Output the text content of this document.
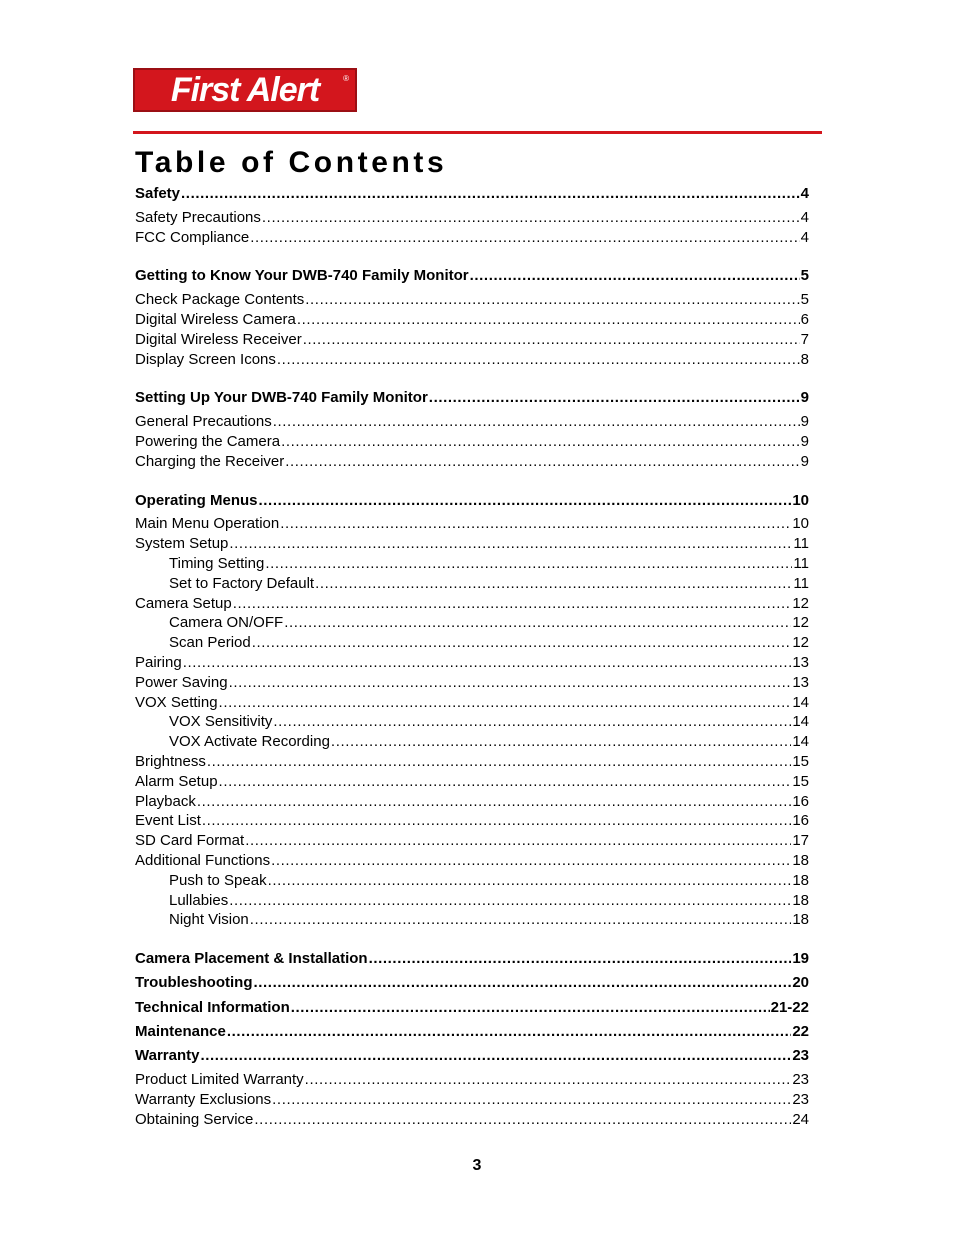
First Alert	®
Table of Contents
Safety .....	4
Safety Precautions .....	4
FCC Compliance .....	4
Getting to Know Your DWB-740 Family Monitor .....	5
Check Package Contents .....	5
Digital Wireless Camera .....	6
Digital Wireless Receiver .....	7
Display Screen Icons .....	8
Setting Up Your DWB-740 Family Monitor .....	9
General Precautions .....	9
Powering the Camera .....	9
Charging the Receiver .....	9
Operating Menus .....	10
Main Menu Operation .....	10
System Setup .....	11
Timing Setting .....	11
Set to Factory Default .....	11
Camera Setup .....	12
Camera ON/OFF .....	12
Scan Period .....	12
Pairing .....	13
Power Saving .....	13
VOX Setting .....	14
VOX Sensitivity .....	14
VOX Activate Recording .....	14
Brightness .....	15
Alarm Setup .....	15
Playback .....	16
Event List .....	16
SD Card Format .....	17
Additional Functions .....	18
Push to Speak .....	18
Lullabies .....	18
Night Vision .....	18
Camera Placement & Installation .....	19
Troubleshooting .....	20
Technical Information .....	21-22
Maintenance .....	22
Warranty .....	23
Product Limited Warranty .....	23
Warranty Exclusions .....	23
Obtaining Service .....	24
3
